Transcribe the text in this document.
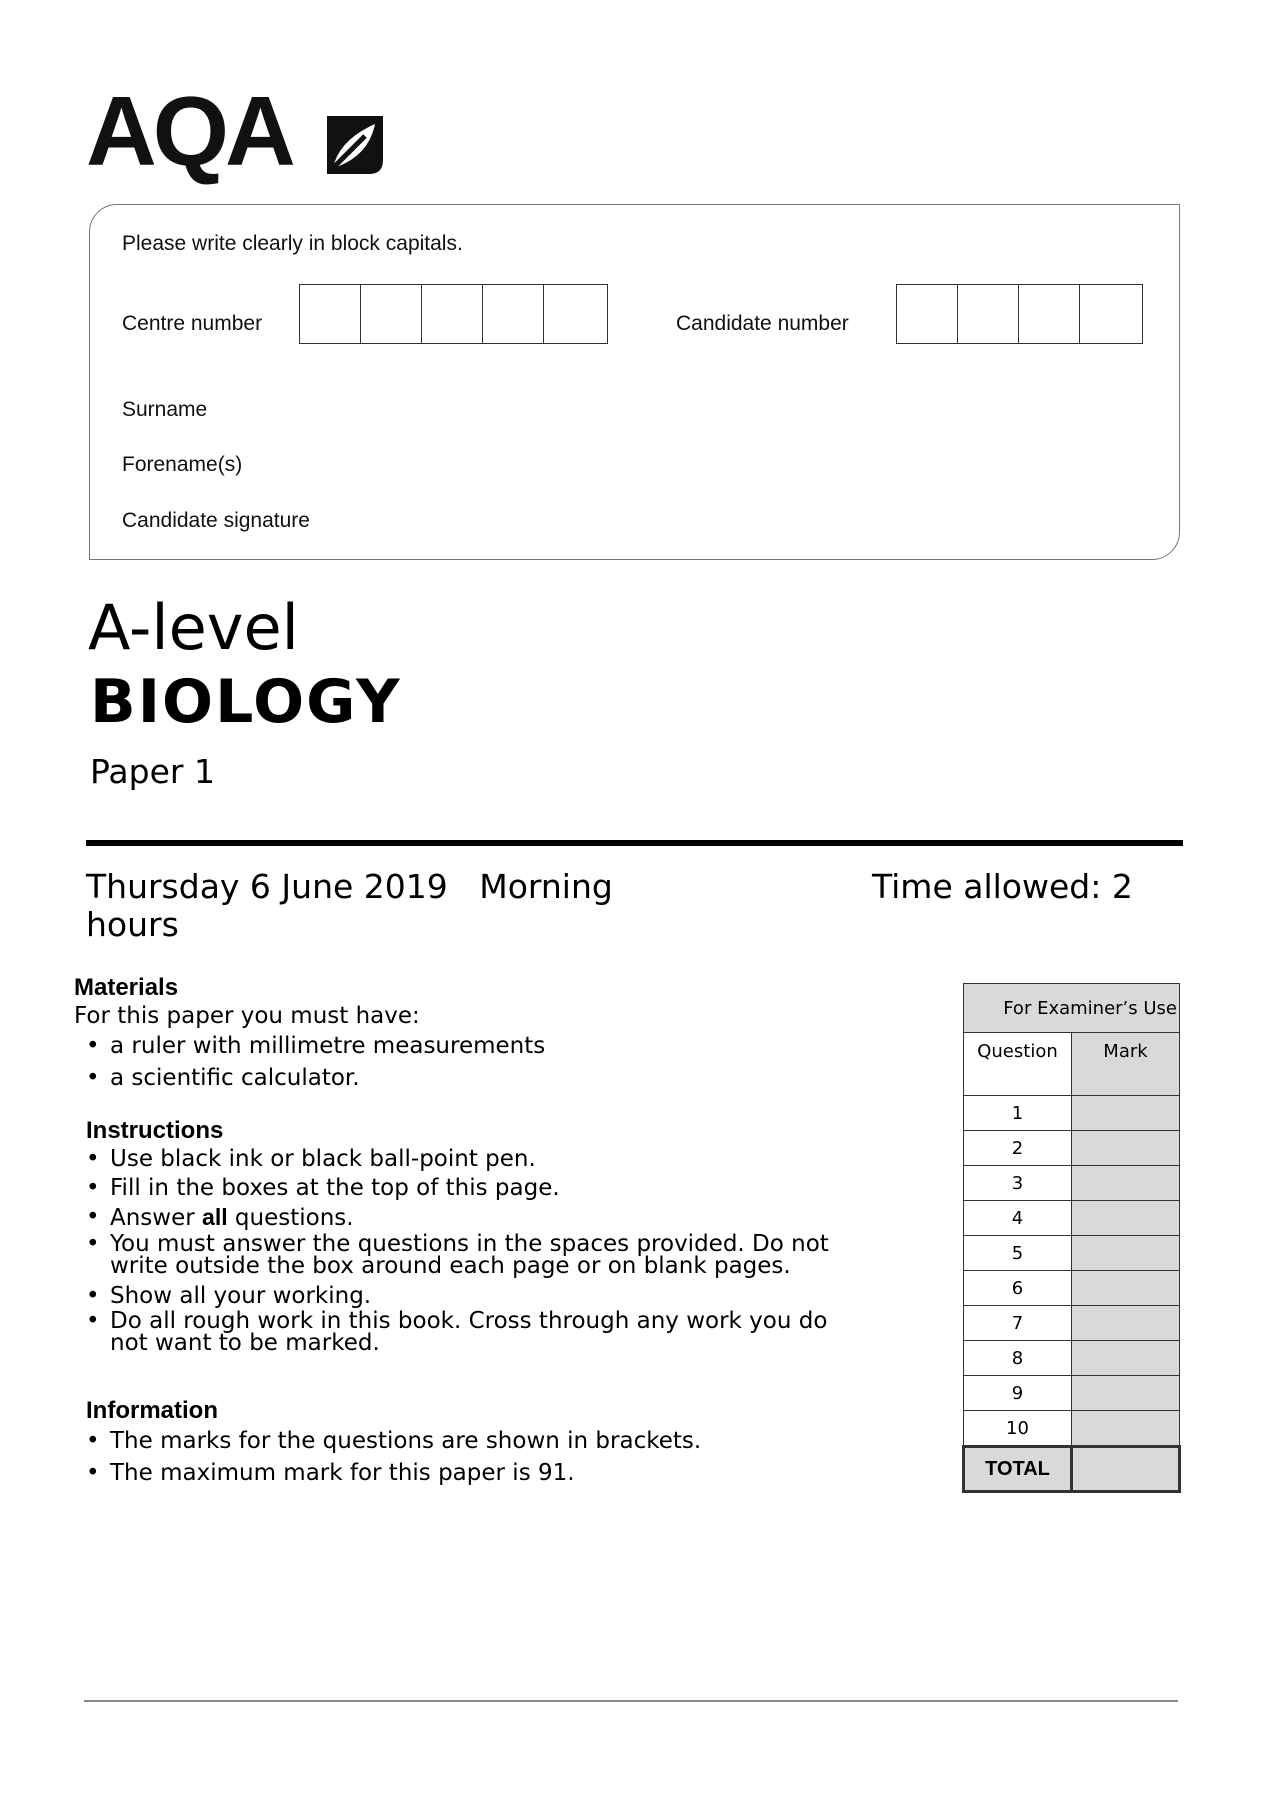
AQA
Please write clearly in block capitals.
Centre number	Candidate number
Surname
Forename(s)
Candidate signature
A-level
BIOLOGY
Paper 1
Thursday 6 June 2019   Morning	Time allowed: 2
hours
Materials
For this paper you must have:
• a ruler with millimetre measurements
• a scientific calculator.
Instructions
• Use black ink or black ball-point pen.
• Fill in the boxes at the top of this page.
• Answer all questions.
• You must answer the questions in the spaces provided. Do not write outside the box around each page or on blank pages.
• Show all your working.
• Do all rough work in this book. Cross through any work you do not want to be marked.
Information
• The marks for the questions are shown in brackets.
• The maximum mark for this paper is 91.
For Examiner’s Use	
Question	Mark
1	
2	
3	
4	
5	
6	
7	
8	
9	
10	
TOTAL	
